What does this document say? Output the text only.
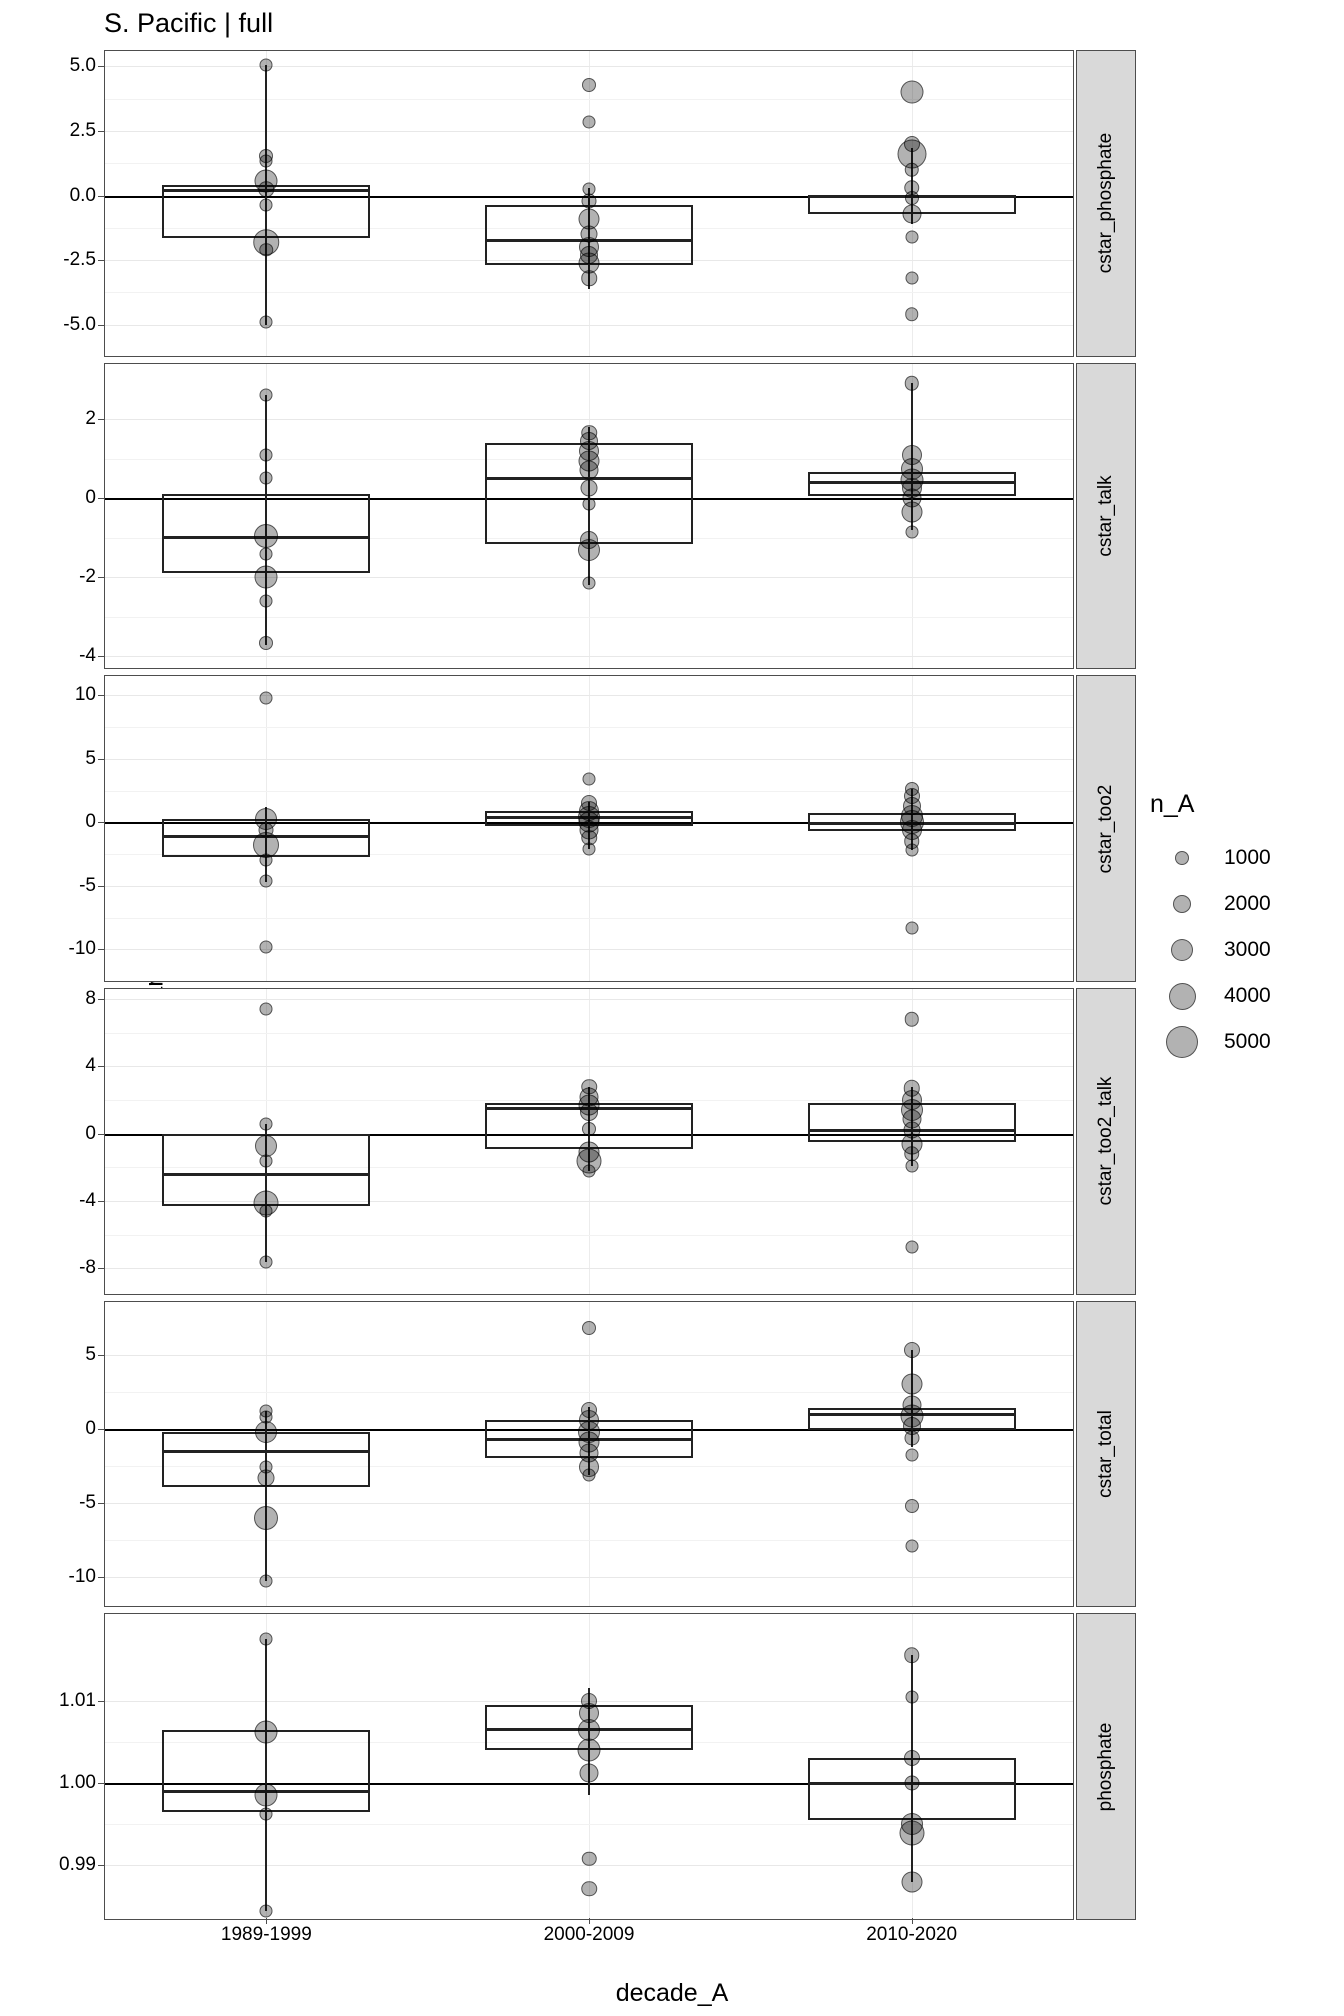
S. Pacific | full
decade_A
cstar_phosphate
-5.0
-2.5
0.0
2.5
5.0
cstar_talk
-4
-2
0
2
cstar_too2
-10
-5
0
5
10
cstar_too2_talk
-8
-4
0
4
8
cstar_total
-10
-5
0
5
phosphate
0.99
1.00
1.01
1989-1999	2000-2009	2010-2020
n_A
1000
2000
3000
4000
5000
